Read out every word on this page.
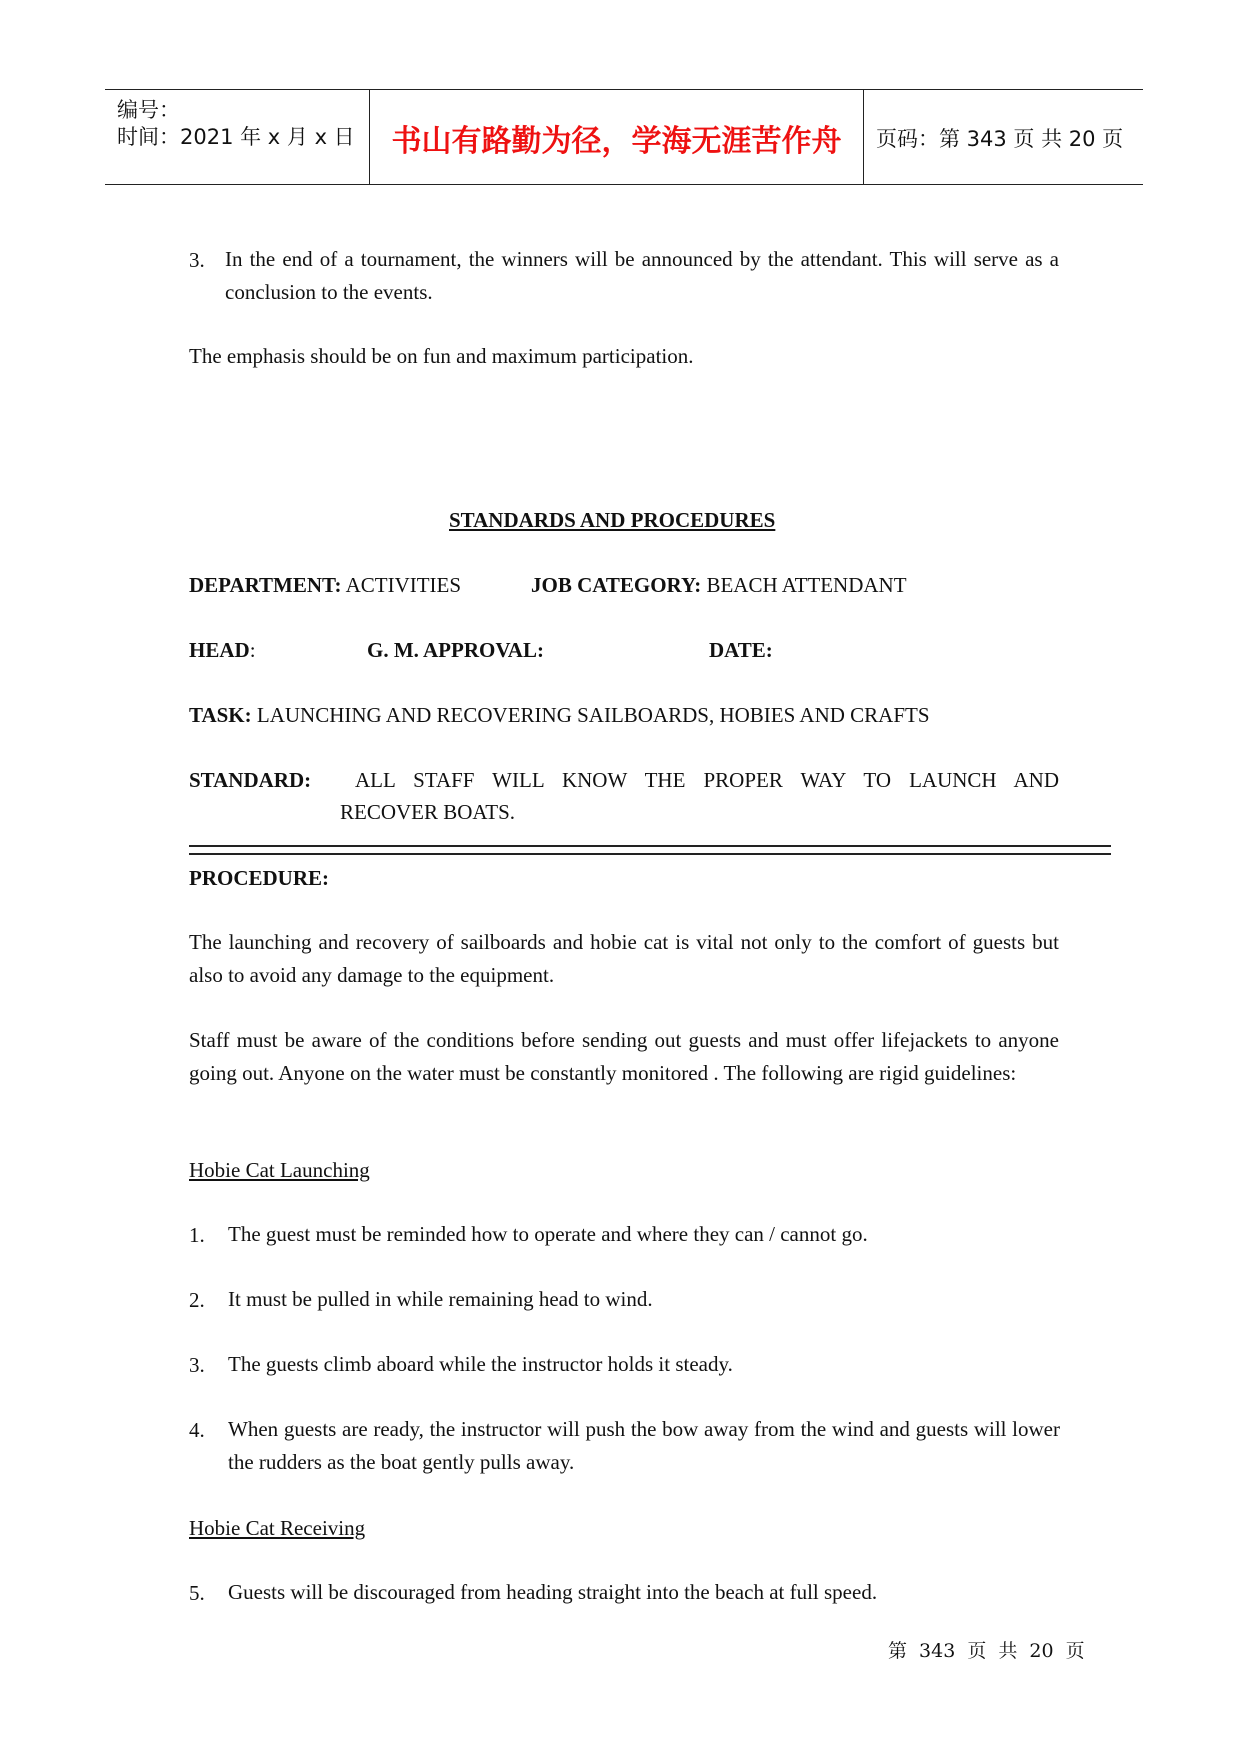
编号：
时间：2021 年 x 月 x 日	书山有路勤为径，学海无涯苦作舟	页码：第 343 页 共 20 页
3. In the end of a tournament, the winners will be announced by the attendant. This will serve as a conclusion to the events.
The emphasis should be on fun and maximum participation.
STANDARDS AND PROCEDURES
DEPARTMENT: ACTIVITIES	JOB CATEGORY: BEACH ATTENDANT
HEAD:	G. M. APPROVAL:	DATE:
TASK: LAUNCHING AND RECOVERING SAILBOARDS, HOBIES AND CRAFTS
STANDARD: ALL STAFF WILL KNOW THE PROPER WAY TO LAUNCH AND
RECOVER BOATS.
PROCEDURE:
The launching and recovery of sailboards and hobie cat is vital not only to the comfort of guests but also to avoid any damage to the equipment.
Staff must be aware of the conditions before sending out guests and must offer lifejackets to anyone going out. Anyone on the water must be constantly monitored . The following are rigid guidelines:
Hobie Cat Launching
1. The guest must be reminded how to operate and where they can / cannot go.
2. It must be pulled in while remaining head to wind.
3. The guests climb aboard while the instructor holds it steady.
4. When guests are ready, the instructor will push the bow away from the wind and guests will lower the rudders as the boat gently pulls away.
Hobie Cat Receiving
5. Guests will be discouraged from heading straight into the beach at full speed.
第 343 页 共 20 页
